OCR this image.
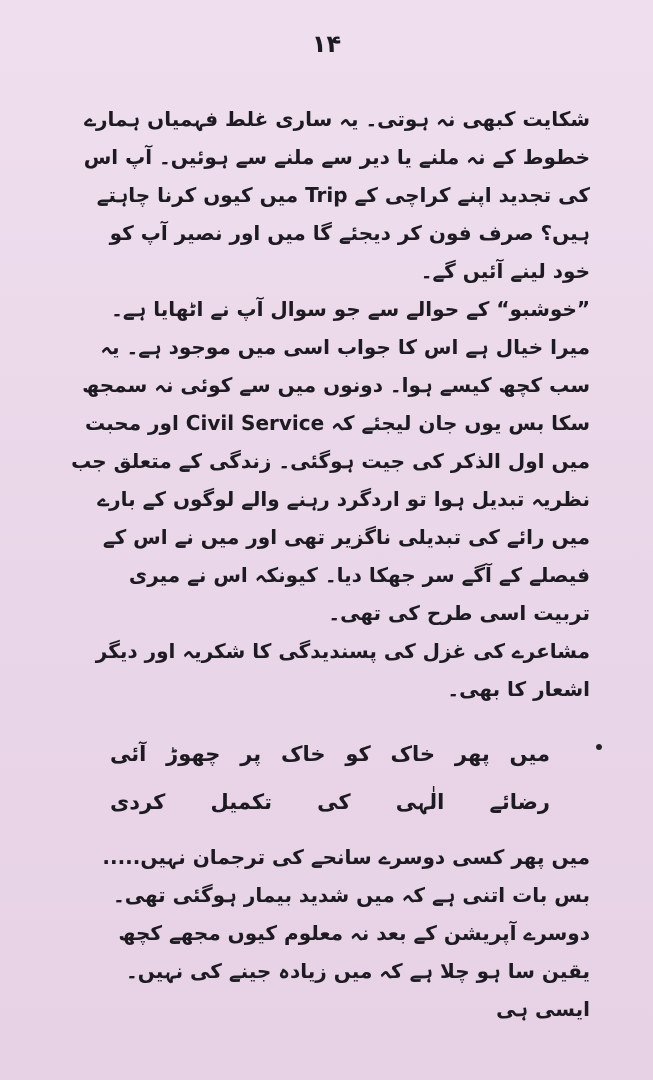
۱۴

شکایت کبھی نہ ہوتی۔ یہ ساری غلط فہمیاں ہمارے خطوط کے نہ ملنے یا دیر سے ملنے سے ہوئیں۔ آپ اس کی تجدید اپنے کراچی کے Trip میں کیوں کرنا چاہتے ہیں؟ صرف فون کر دیجئے گا میں اور نصیر آپ کو خود لینے آئیں گے۔

”خوشبو“ کے حوالے سے جو سوال آپ نے اٹھایا ہے۔ میرا خیال ہے اس کا جواب اسی میں موجود ہے۔ یہ سب کچھ کیسے ہوا۔ دونوں میں سے کوئی نہ سمجھ سکا بس یوں جان لیجئے کہ Civil Service اور محبت میں اول الذکر کی جیت ہوگئی۔ زندگی کے متعلق جب نظریہ تبدیل ہوا تو اردگرد رہنے والے لوگوں کے بارے میں رائے کی تبدیلی ناگزیر تھی اور میں نے اس کے فیصلے کے آگے سر جھکا دیا۔ کیونکہ اس نے میری تربیت اسی طرح کی تھی۔

مشاعرے کی غزل کی پسندیدگی کا شکریہ اور دیگر اشعار کا بھی۔

میں
پھر
خاک
کو
خاک
پر
چھوڑ
آئی
رضائے
الٰہی
کی
تکمیل
کردی

میں پھر کسی دوسرے سانحے کی ترجمان نہیں..... بس بات اتنی ہے کہ میں شدید بیمار ہوگئی تھی۔ دوسرے آپریشن کے بعد نہ معلوم کیوں مجھے کچھ یقین سا ہو چلا ہے کہ میں زیادہ جینے کی نہیں۔ ایسی ہی
